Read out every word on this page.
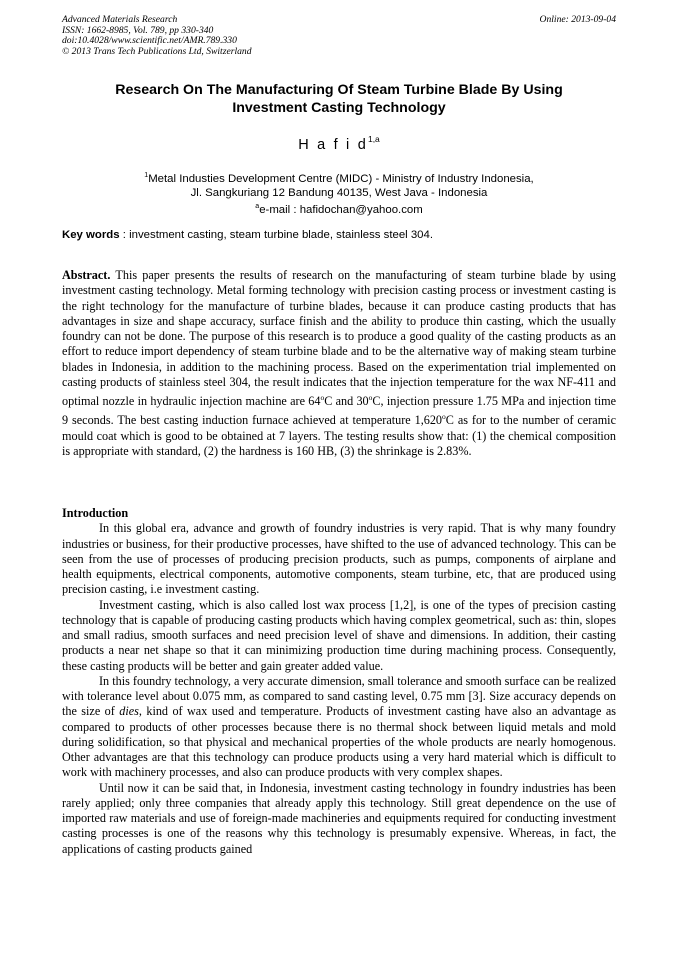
Advanced Materials Research
ISSN: 1662-8985, Vol. 789, pp 330-340
doi:10.4028/www.scientific.net/AMR.789.330
© 2013 Trans Tech Publications Ltd, Switzerland
Online: 2013-09-04
Research On The Manufacturing Of Steam Turbine Blade By Using
Investment Casting Technology
H a f i $d^{1,a}$
$^1$Metal Industies Development Centre (MIDC) - Ministry of Industry Indonesia,
Jl. Sangkuriang 12 Bandung 40135, West Java - Indonesia
$^a$e-mail : hafidochan@yahoo.com
Key words : investment casting, steam turbine blade, stainless steel 304.
Abstract. This paper presents the results of research on the manufacturing of steam turbine blade by using investment casting technology. Metal forming technology with precision casting process or investment casting is the right technology for the manufacture of turbine blades, because it can produce casting products that has advantages in size and shape accuracy, surface finish and the ability to produce thin casting, which the usually foundry can not be done. The purpose of this research is to produce a good quality of the casting products as an effort to reduce import dependency of steam turbine blade and to be the alternative way of making steam turbine blades in Indonesia, in addition to the machining process. Based on the experimentation trial implemented on casting products of stainless steel 304, the result indicates that the injection temperature for the wax NF-411 and optimal nozzle in hydraulic injection machine are 64$^o$C and 30$^o$C, injection pressure 1.75 MPa and injection time 9 seconds. The best casting induction furnace achieved at temperature 1,620$^o$C as for to the number of ceramic mould coat which is good to be obtained at 7 layers. The testing results show that: (1) the chemical composition is appropriate with standard, (2) the hardness is 160 HB, (3) the shrinkage is 2.83%.
Introduction

In this global era, advance and growth of foundry industries is very rapid. That is why many foundry industries or business, for their productive processes, have shifted to the use of advanced technology. This can be seen from the use of processes of producing precision products, such as pumps, components of airplane and health equipments, electrical components, automotive components, steam turbine, etc, that are produced using precision casting, i.e investment casting.

Investment casting, which is also called lost wax process [1,2], is one of the types of precision casting technology that is capable of producing casting products which having complex geometrical, such as: thin, slopes and small radius, smooth surfaces and need precision level of shave and dimensions. In addition, their casting products a near net shape so that it can minimizing production time during machining process. Consequently, these casting products will be better and gain greater added value.

In this foundry technology, a very accurate dimension, small tolerance and smooth surface can be realized with tolerance level about 0.075 mm, as compared to sand casting level, 0.75 mm [3]. Size accuracy depends on the size of dies, kind of wax used and temperature. Products of investment casting have also an advantage as compared to products of other processes because there is no thermal shock between liquid metals and mold during solidification, so that physical and mechanical properties of the whole products are nearly homogenous. Other advantages are that this technology can produce products using a very hard material which is difficult to work with machinery processes, and also can produce products with very complex shapes.

Until now it can be said that, in Indonesia, investment casting technology in foundry industries has been rarely applied; only three companies that already apply this technology. Still great dependence on the use of imported raw materials and use of foreign-made machineries and equipments required for conducting investment casting processes is one of the reasons why this technology is presumably expensive. Whereas, in fact, the applications of casting products gained
